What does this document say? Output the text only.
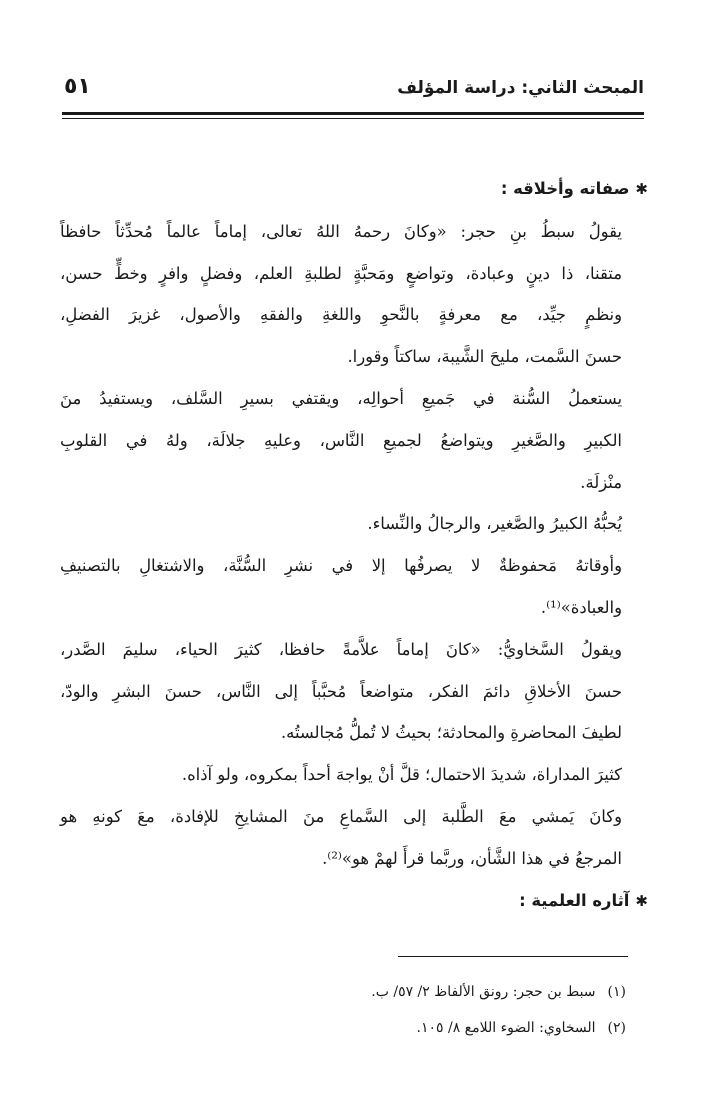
المبحث الثاني: دراسة المؤلف
٥١

✱صفاته وأخلاقه :

يقولُ سبطُ بنِ حجر: «وكانَ رحمهُ اللهُ تعالى، إماماً عالماً مُحدِّثاً حافظاً
متقنا، ذا دينٍ وعبادة، وتواضعٍ ومَحبَّةٍ لطلبةِ العلم، وفضلٍ وافرٍ وخطٍّ حسن،
ونظمٍ جيِّد، مع معرفةٍ بالنَّحوِ واللغةِ والفقهِ والأصول، غزيرَ الفضلِ،
حسنَ السَّمت، مليحَ الشَّيبة، ساكتاً وقورا.

يستعملُ السُّنة في جَميعِ أحوالِه، ويقتفي بسيرِ السَّلف، ويستفيدُ منَ
الكبيرِ والصَّغيرِ ويتواضعُ لجميعِ النَّاس، وعليهِ جلالَة، ولهُ في القلوبِ
منْزلَة.

يُحبُّهُ الكبيرُ والصَّغير، والرجالُ والنِّساء.

وأوقاتهُ مَحفوظةٌ لا يصرفُها إلا في نشرِ السُّنَّة، والاشتغالِ بالتصنيفِ
والعبادة»⁽¹⁾.

ويقولُ السَّخاويُّ: «كانَ إماماً علاَّمةً حافظا، كثيرَ الحياء، سليمَ الصَّدر،
حسنَ الأخلاقِ دائمَ الفكر، متواضعاً مُحبَّباً إلى النَّاس، حسنَ البشرِ والودّ،
لطيفَ المحاضرةِ والمحادثة؛ بحيثُ لا تُملُّ مُجالستُه.

كثيرَ المداراة، شديدَ الاحتمال؛ قلَّ أنْ يواجهَ أحداً بمكروه، ولو آذاه.

وكانَ يَمشي معَ الطَّلبة إلى السَّماعِ منَ المشايخِ للإفادة، معَ كونهِ هو
المرجعُ في هذا الشَّأن، وربَّما قرأَ لهمْ هو»⁽²⁾.

✱آثاره العلمية :

(١)سبط بن حجر: رونق الألفاظ ٢/ ٥٧/ ب.
(٢)السخاوي: الضوء اللامع ٨/ ١٠٥.
